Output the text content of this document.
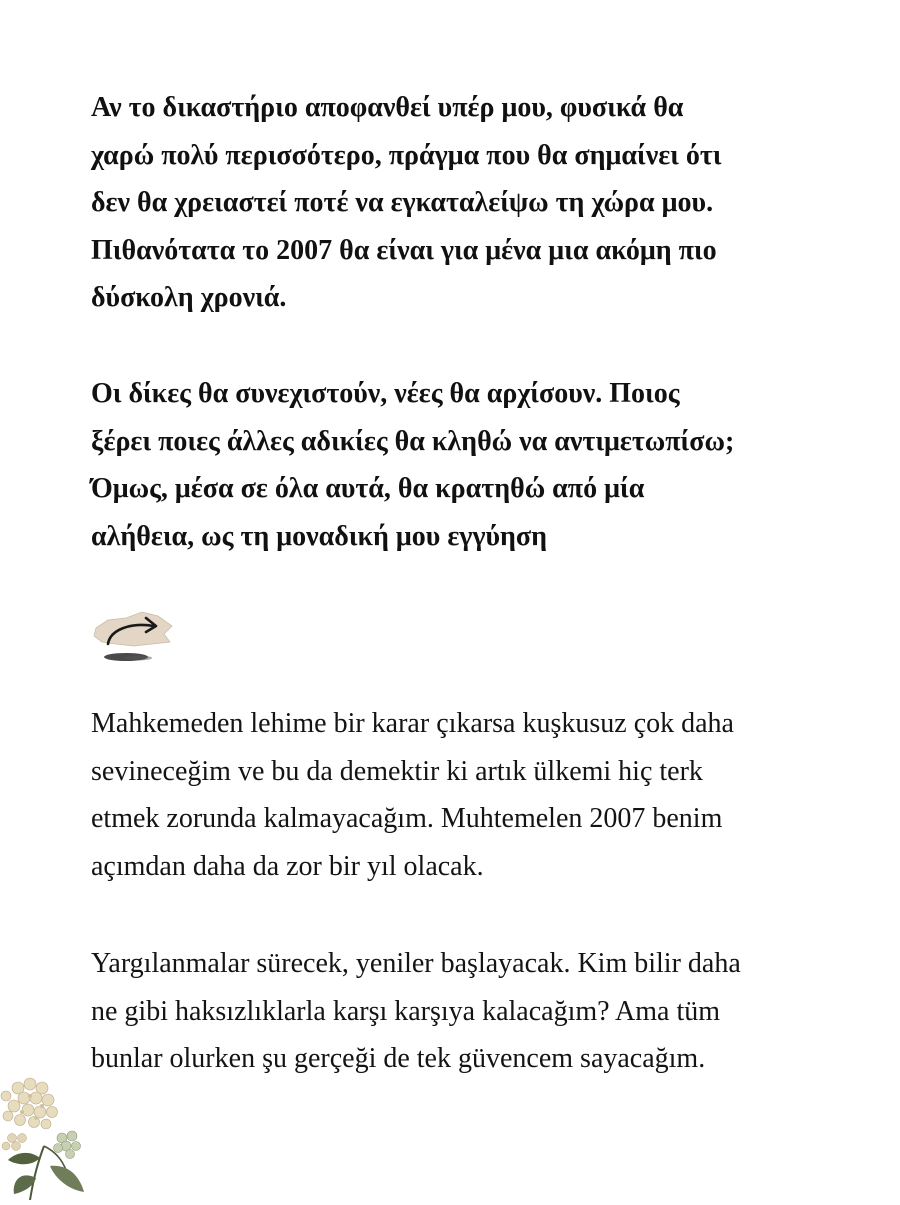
Αν το δικαστήριο αποφανθεί υπέρ μου, φυσικά θα
χαρώ πολύ περισσότερο, πράγμα που θα σημαίνει ότι
δεν θα χρειαστεί ποτέ να εγκαταλείψω τη χώρα μου.
Πιθανότατα το 2007 θα είναι για μένα μια ακόμη πιο
δύσκολη χρονιά.

Οι δίκες θα συνεχιστούν, νέες θα αρχίσουν. Ποιος
ξέρει ποιες άλλες αδικίες θα κληθώ να αντιμετωπίσω;
Όμως, μέσα σε όλα αυτά, θα κρατηθώ από μία
αλήθεια, ως τη μοναδική μου εγγύηση

Mahkemeden lehime bir karar çıkarsa kuşkusuz çok daha
sevineceğim ve bu da demektir ki artık ülkemi hiç terk
etmek zorunda kalmayacağım. Muhtemelen 2007 benim
açımdan daha da zor bir yıl olacak.

Yargılanmalar sürecek, yeniler başlayacak. Kim bilir daha
ne gibi haksızlıklarla karşı karşıya kalacağım? Ama tüm
bunlar olurken şu gerçeği de tek güvencem sayacağım.
